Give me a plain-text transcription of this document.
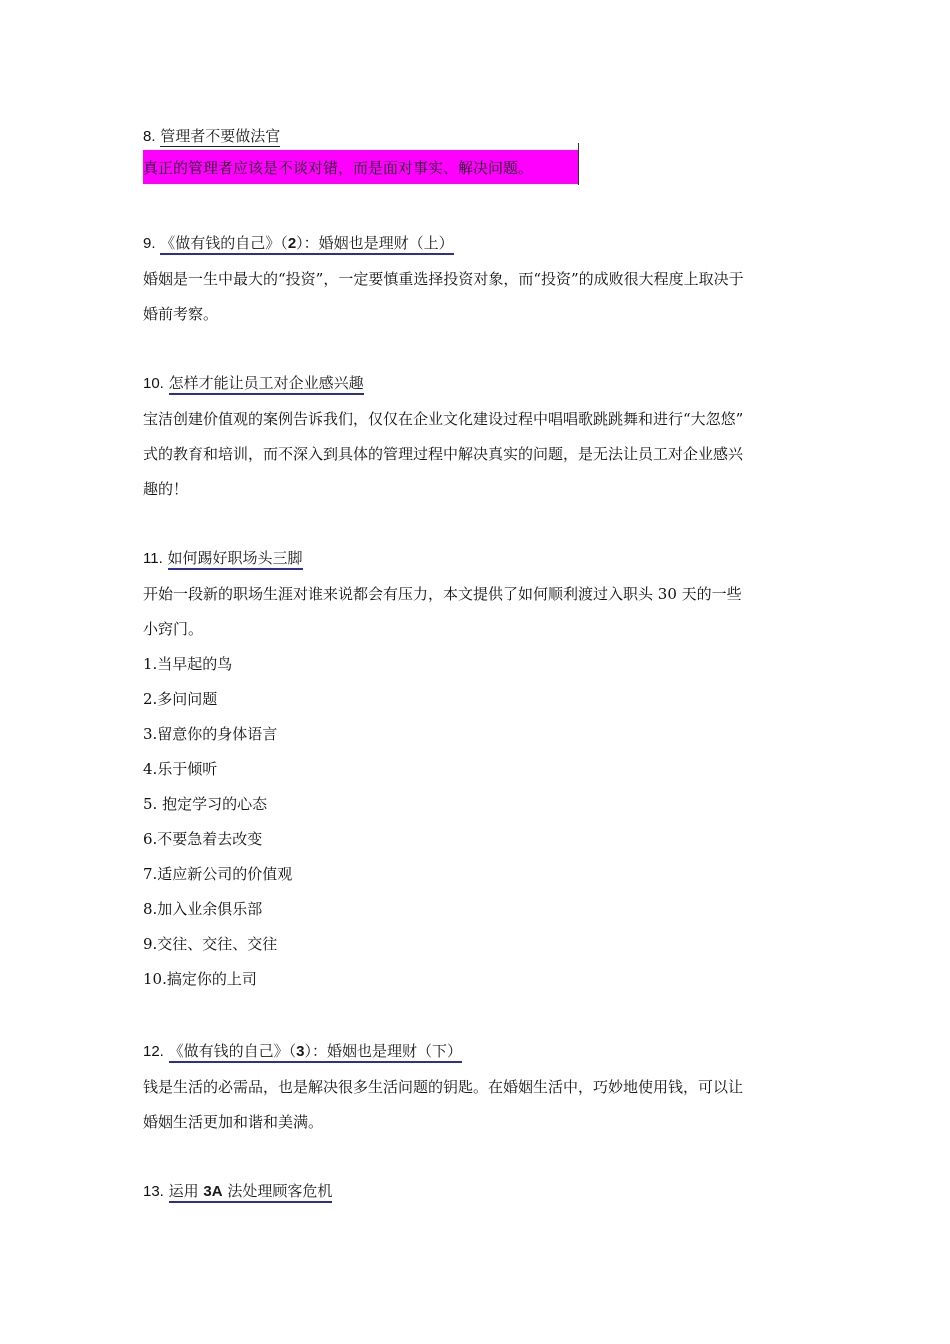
8. 管理者不要做法官
真正的管理者应该是不谈对错，而是面对事实、解决问题。
9. 《做有钱的自己》（2）：婚姻也是理财（上）
婚姻是一生中最大的“投资”，一定要慎重选择投资对象，而“投资”的成败很大程度上取决于
婚前考察。
10. 怎样才能让员工对企业感兴趣
宝洁创建价值观的案例告诉我们，仅仅在企业文化建设过程中唱唱歌跳跳舞和进行“大忽悠”
式的教育和培训，而不深入到具体的管理过程中解决真实的问题，是无法让员工对企业感兴
趣的！
11. 如何踢好职场头三脚
开始一段新的职场生涯对谁来说都会有压力，本文提供了如何顺利渡过入职头 30 天的一些
小窍门。
1.当早起的鸟
2.多问问题
3.留意你的身体语言
4.乐于倾听
5. 抱定学习的心态
6.不要急着去改变
7.适应新公司的价值观
8.加入业余俱乐部
9.交往、交往、交往
10.搞定你的上司
12. 《做有钱的自己》（3）：婚姻也是理财（下）
钱是生活的必需品，也是解决很多生活问题的钥匙。在婚姻生活中，巧妙地使用钱，可以让
婚姻生活更加和谐和美满。
13. 运用 3A 法处理顾客危机
